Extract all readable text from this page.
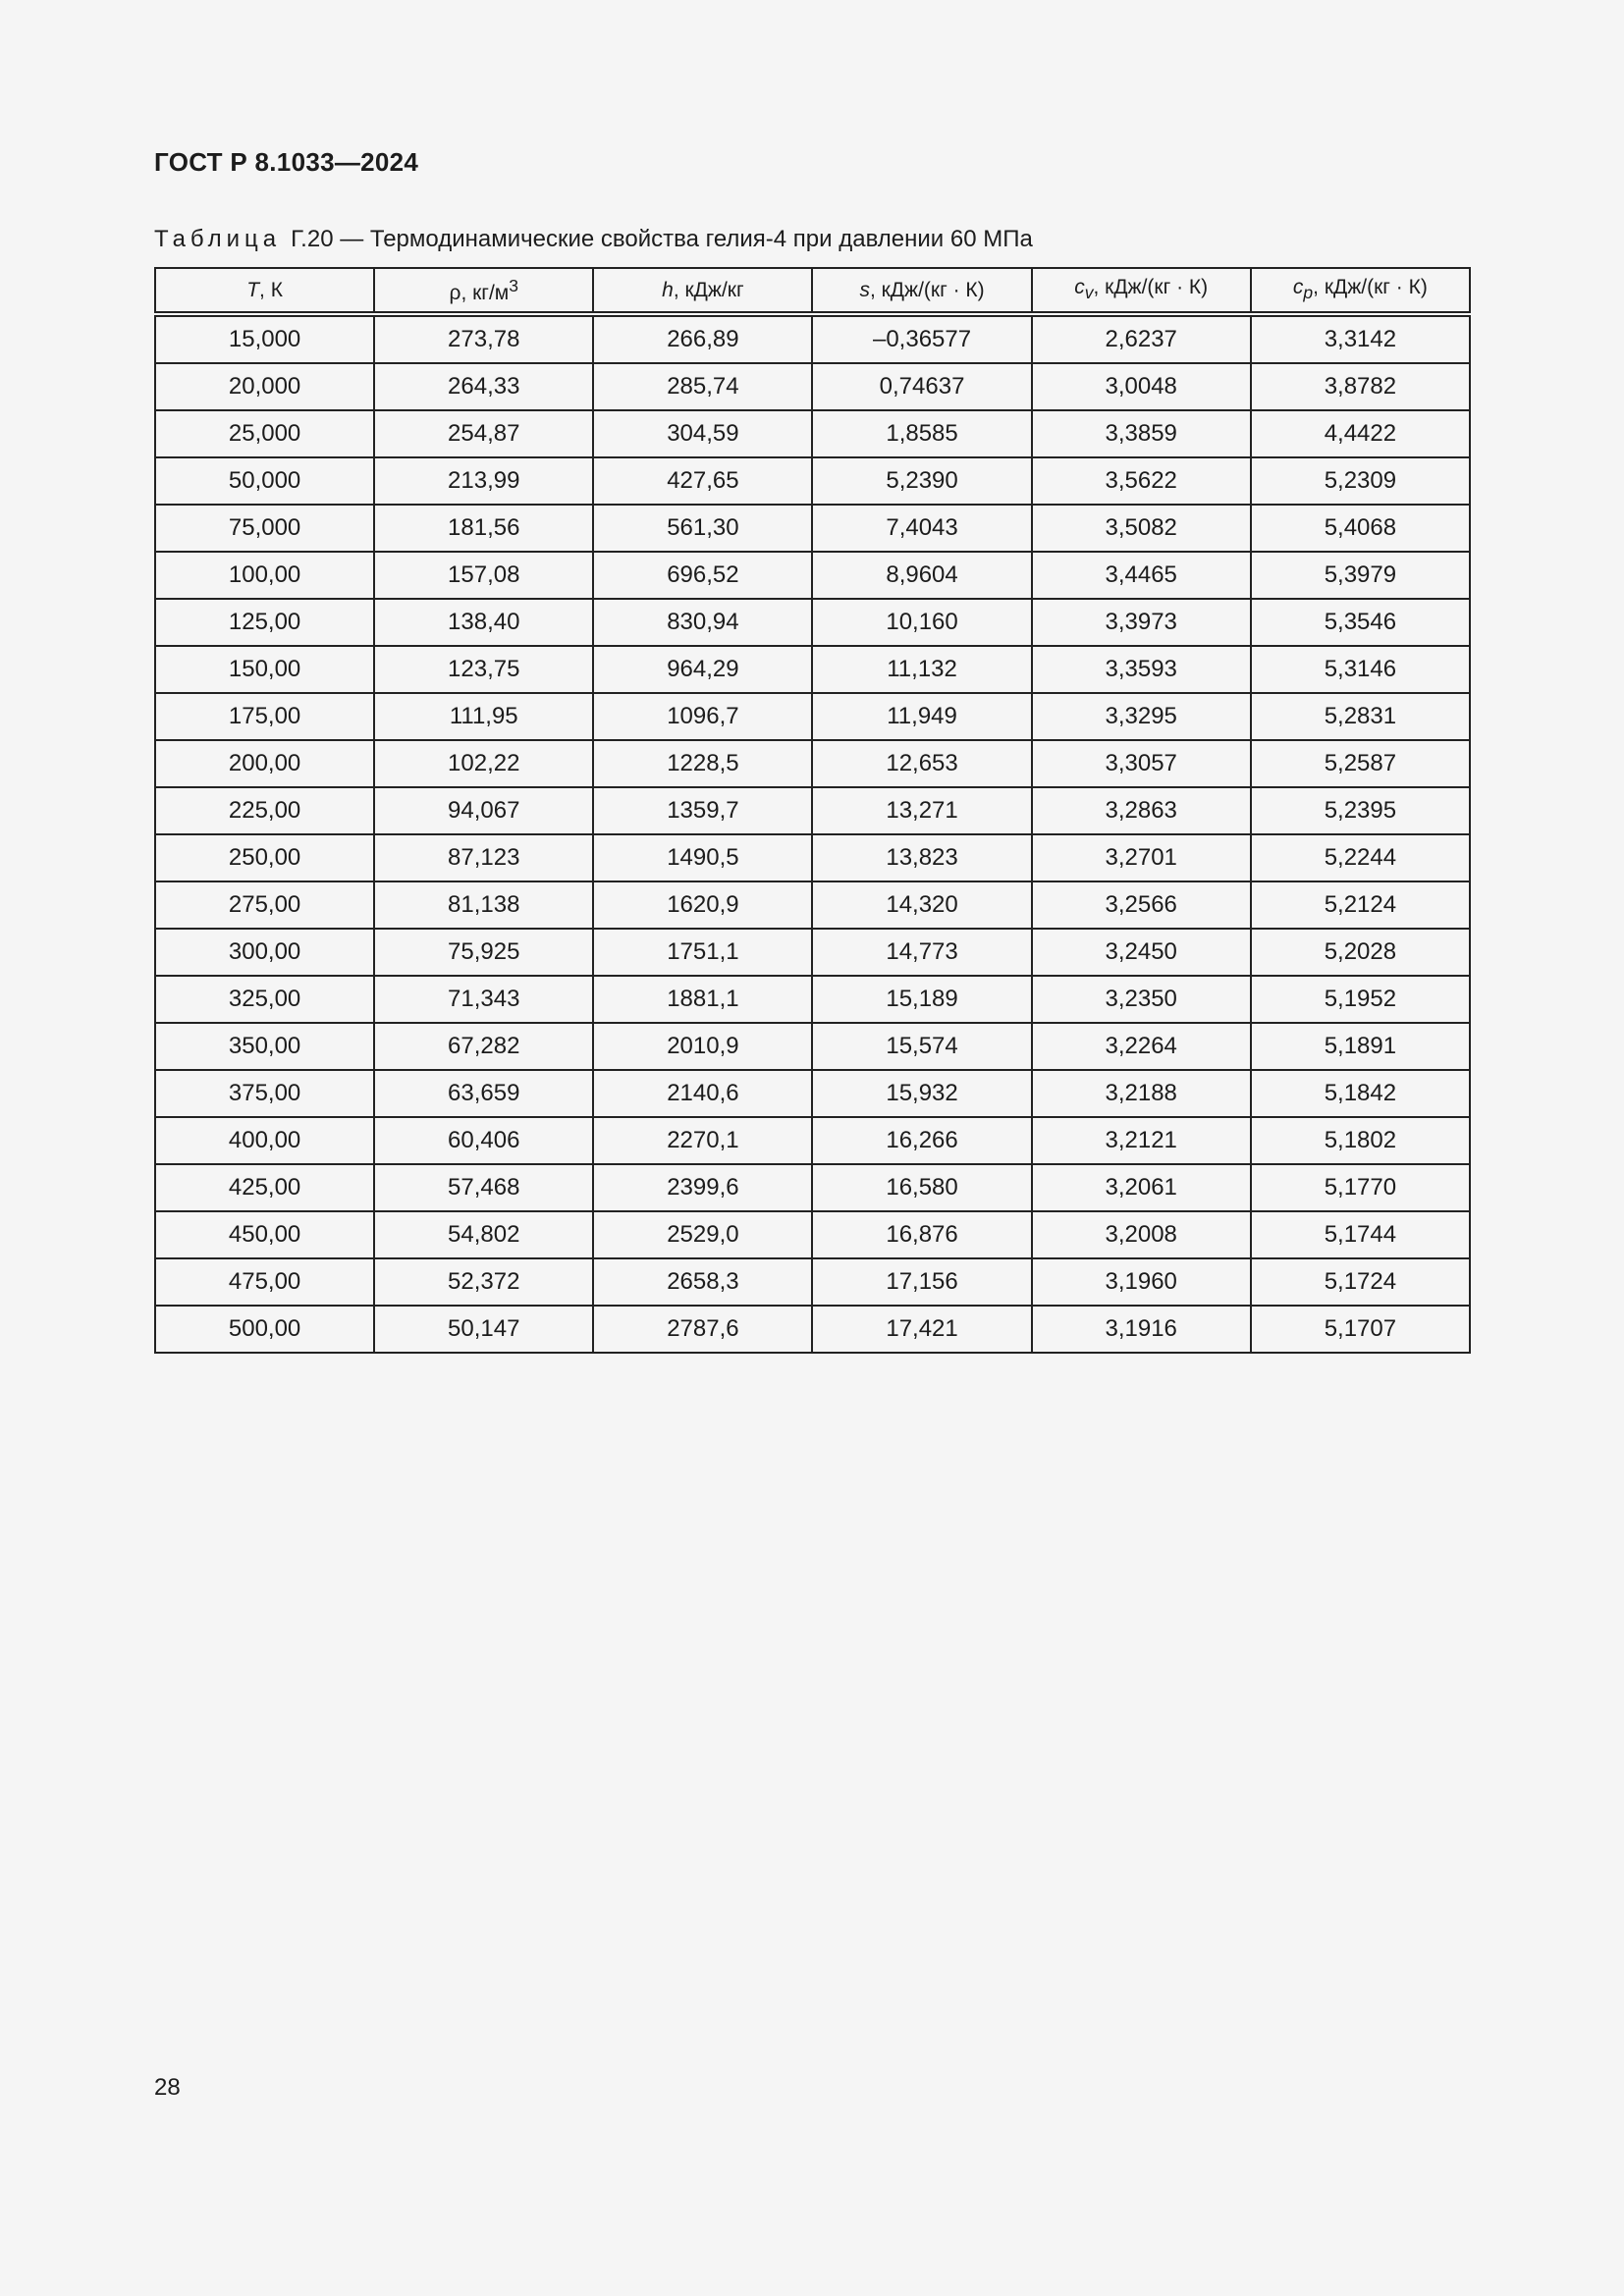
ГОСТ Р 8.1033—2024
Таблица Г.20 — Термодинамические свойства гелия-4 при давлении 60 МПа
T, К	ρ, $кг/м^3$	h, кДж/кг	s, кДж/(кг · К)	$c_v$, кДж/(кг · К)	$c_p$, кДж/(кг · К)
15,000	273,78	266,89	–0,36577	2,6237	3,3142
20,000	264,33	285,74	0,74637	3,0048	3,8782
25,000	254,87	304,59	1,8585	3,3859	4,4422
50,000	213,99	427,65	5,2390	3,5622	5,2309
75,000	181,56	561,30	7,4043	3,5082	5,4068
100,00	157,08	696,52	8,9604	3,4465	5,3979
125,00	138,40	830,94	10,160	3,3973	5,3546
150,00	123,75	964,29	11,132	3,3593	5,3146
175,00	111,95	1096,7	11,949	3,3295	5,2831
200,00	102,22	1228,5	12,653	3,3057	5,2587
225,00	94,067	1359,7	13,271	3,2863	5,2395
250,00	87,123	1490,5	13,823	3,2701	5,2244
275,00	81,138	1620,9	14,320	3,2566	5,2124
300,00	75,925	1751,1	14,773	3,2450	5,2028
325,00	71,343	1881,1	15,189	3,2350	5,1952
350,00	67,282	2010,9	15,574	3,2264	5,1891
375,00	63,659	2140,6	15,932	3,2188	5,1842
400,00	60,406	2270,1	16,266	3,2121	5,1802
425,00	57,468	2399,6	16,580	3,2061	5,1770
450,00	54,802	2529,0	16,876	3,2008	5,1744
475,00	52,372	2658,3	17,156	3,1960	5,1724
500,00	50,147	2787,6	17,421	3,1916	5,1707
28
